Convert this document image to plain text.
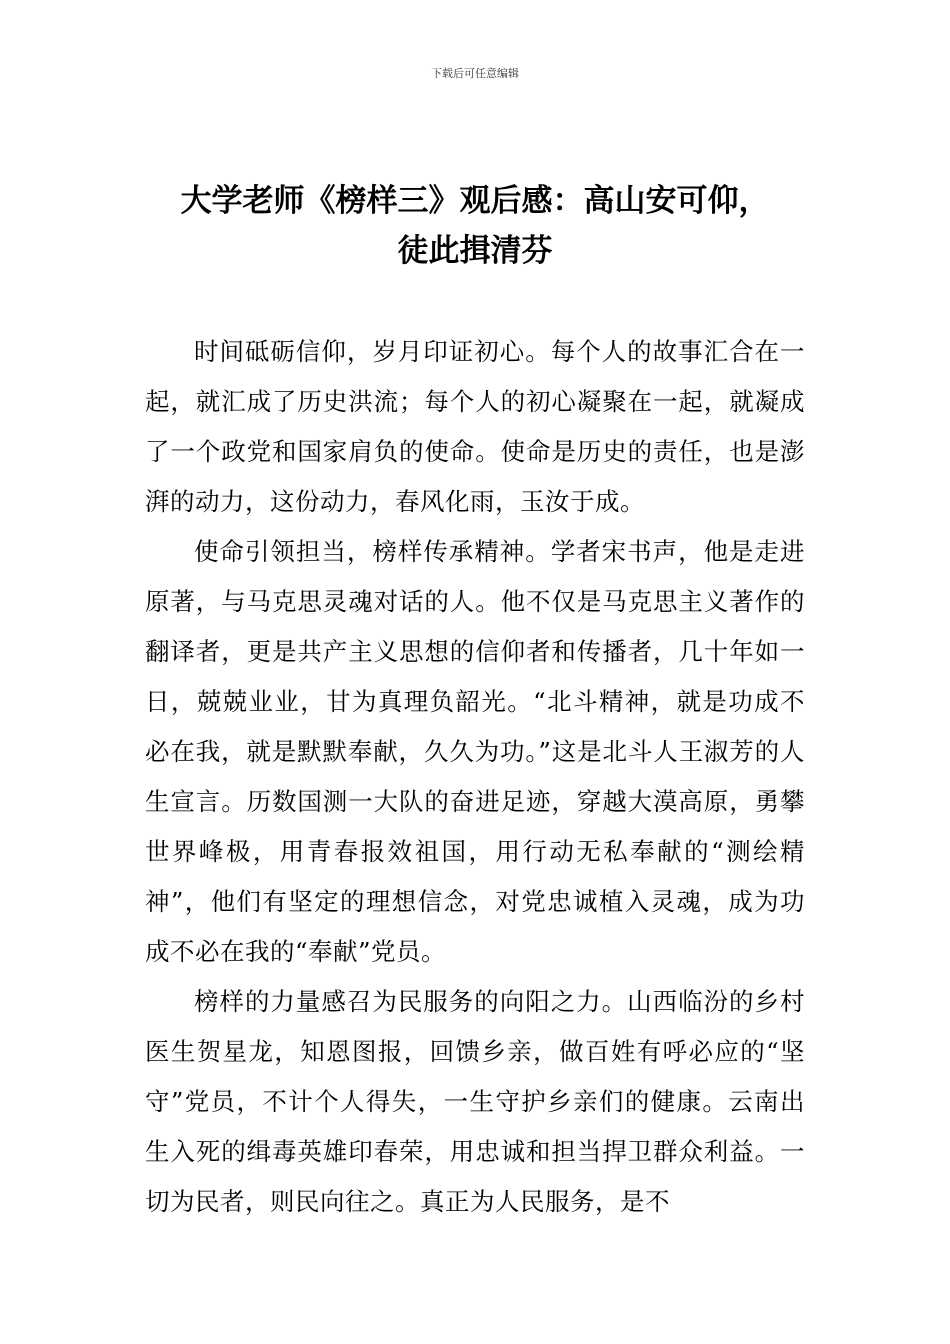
下载后可任意编辑
大学老师《榜样三》观后感：高山安可仰，
徒此揖清芬

时间砥砺信仰，岁月印证初心。每个人的故事汇合在一起，就汇成了历史洪流；每个人的初心凝聚在一起，就凝成了一个政党和国家肩负的使命。使命是历史的责任，也是澎湃的动力，这份动力，春风化雨，玉汝于成。

使命引领担当，榜样传承精神。学者宋书声，他是走进原著，与马克思灵魂对话的人。他不仅是马克思主义著作的翻译者，更是共产主义思想的信仰者和传播者，几十年如一日，兢兢业业，甘为真理负韶光。“北斗精神，就是功成不必在我，就是默默奉献，久久为功。”这是北斗人王淑芳的人生宣言。历数国测一大队的奋进足迹，穿越大漠高原，勇攀世界峰极，用青春报效祖国，用行动无私奉献的“测绘精神”，他们有坚定的理想信念，对党忠诚植入灵魂，成为功成不必在我的“奉献”党员。

榜样的力量感召为民服务的向阳之力。山西临汾的乡村医生贺星龙，知恩图报，回馈乡亲，做百姓有呼必应的“坚守”党员，不计个人得失，一生守护乡亲们的健康。云南出生入死的缉毒英雄印春荣，用忠诚和担当捍卫群众利益。一切为民者，则民向往之。真正为人民服务，是不
